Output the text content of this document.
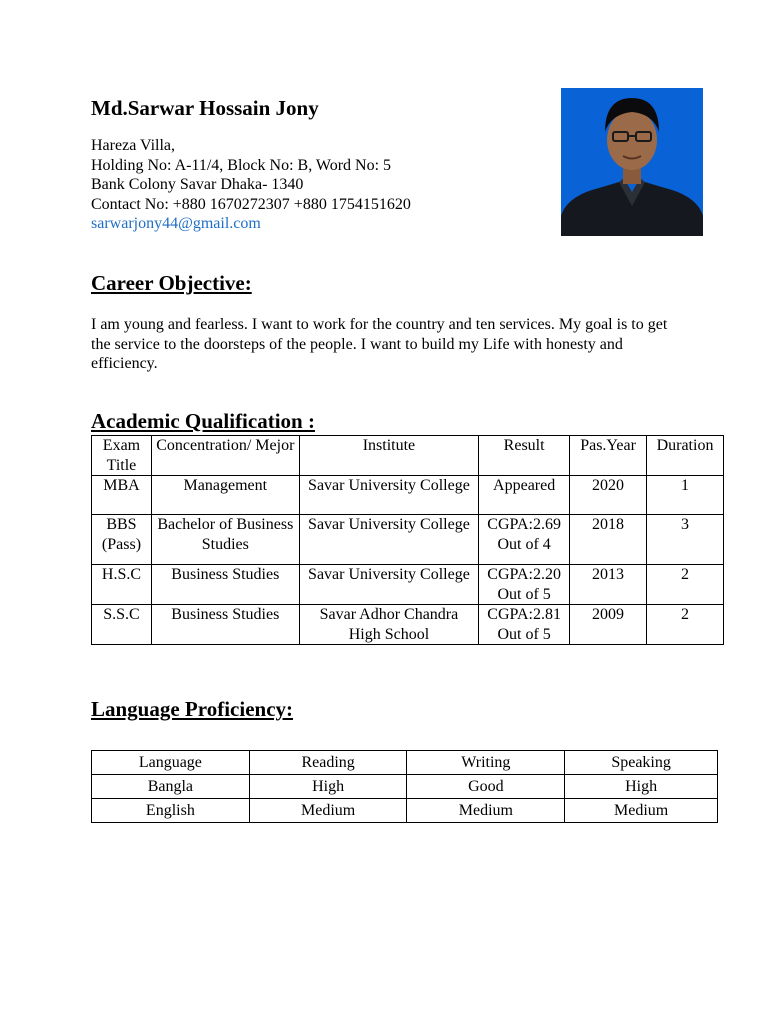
Md.Sarwar Hossain Jony
Hareza Villa,
Holding No: A-11/4, Block No: B, Word No: 5
Bank Colony Savar Dhaka- 1340
Contact No: +880 1670272307 +880 1754151620
sarwarjony44@gmail.com
Career Objective:
I am young and fearless. I want to work for the country and ten services. My goal is to get the service to the doorsteps of the people. I want to build my Life with honesty and efficiency.
Academic Qualification :
Exam Title	Concentration/ Mejor	Institute	Result	Pas.Year	Duration
MBA	Management	Savar University College	Appeared	2020	1
BBS (Pass)	Bachelor of Business Studies	Savar University College	CGPA:2.69 Out of 4	2018	3
H.S.C	Business Studies	Savar University College	CGPA:2.20 Out of 5	2013	2
S.S.C	Business Studies	Savar Adhor Chandra High School	CGPA:2.81 Out of 5	2009	2
Language Proficiency:
Language	Reading	Writing	Speaking
Bangla	High	Good	High
English	Medium	Medium	Medium
